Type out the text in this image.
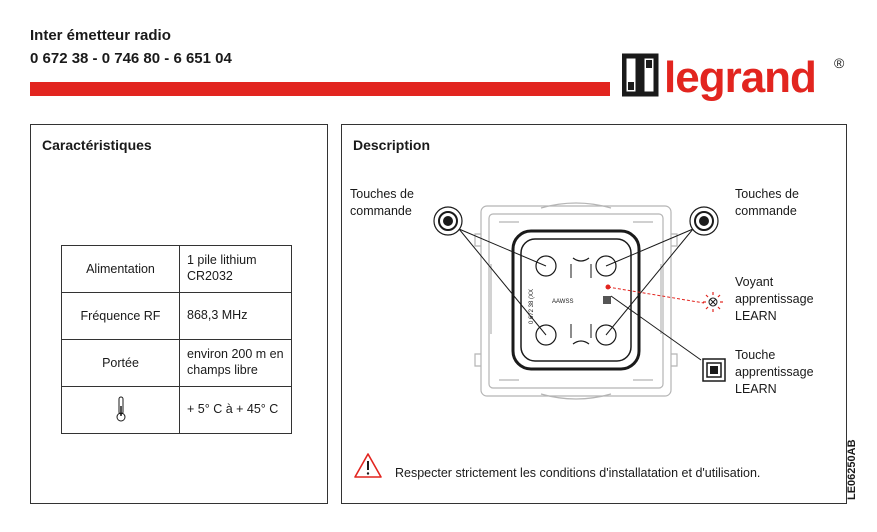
Inter émetteur radio
0 672 38 - 0 746 80 - 6 651 04	legrand ®
Caractéristiques
Alimentation	1 pile lithium CR2032
Fréquence RF	868,3 MHz
Portée	environ 200 m en champs libre
	+ 5° C à + 45° C
Description
Touches de commande
Touches de commande
Voyant apprentissage LEARN
Touche apprentissage LEARN
AAWSS
0 672 38 (XX
Respecter strictement les conditions d'installatation et d'utilisation.	LE06250AB
